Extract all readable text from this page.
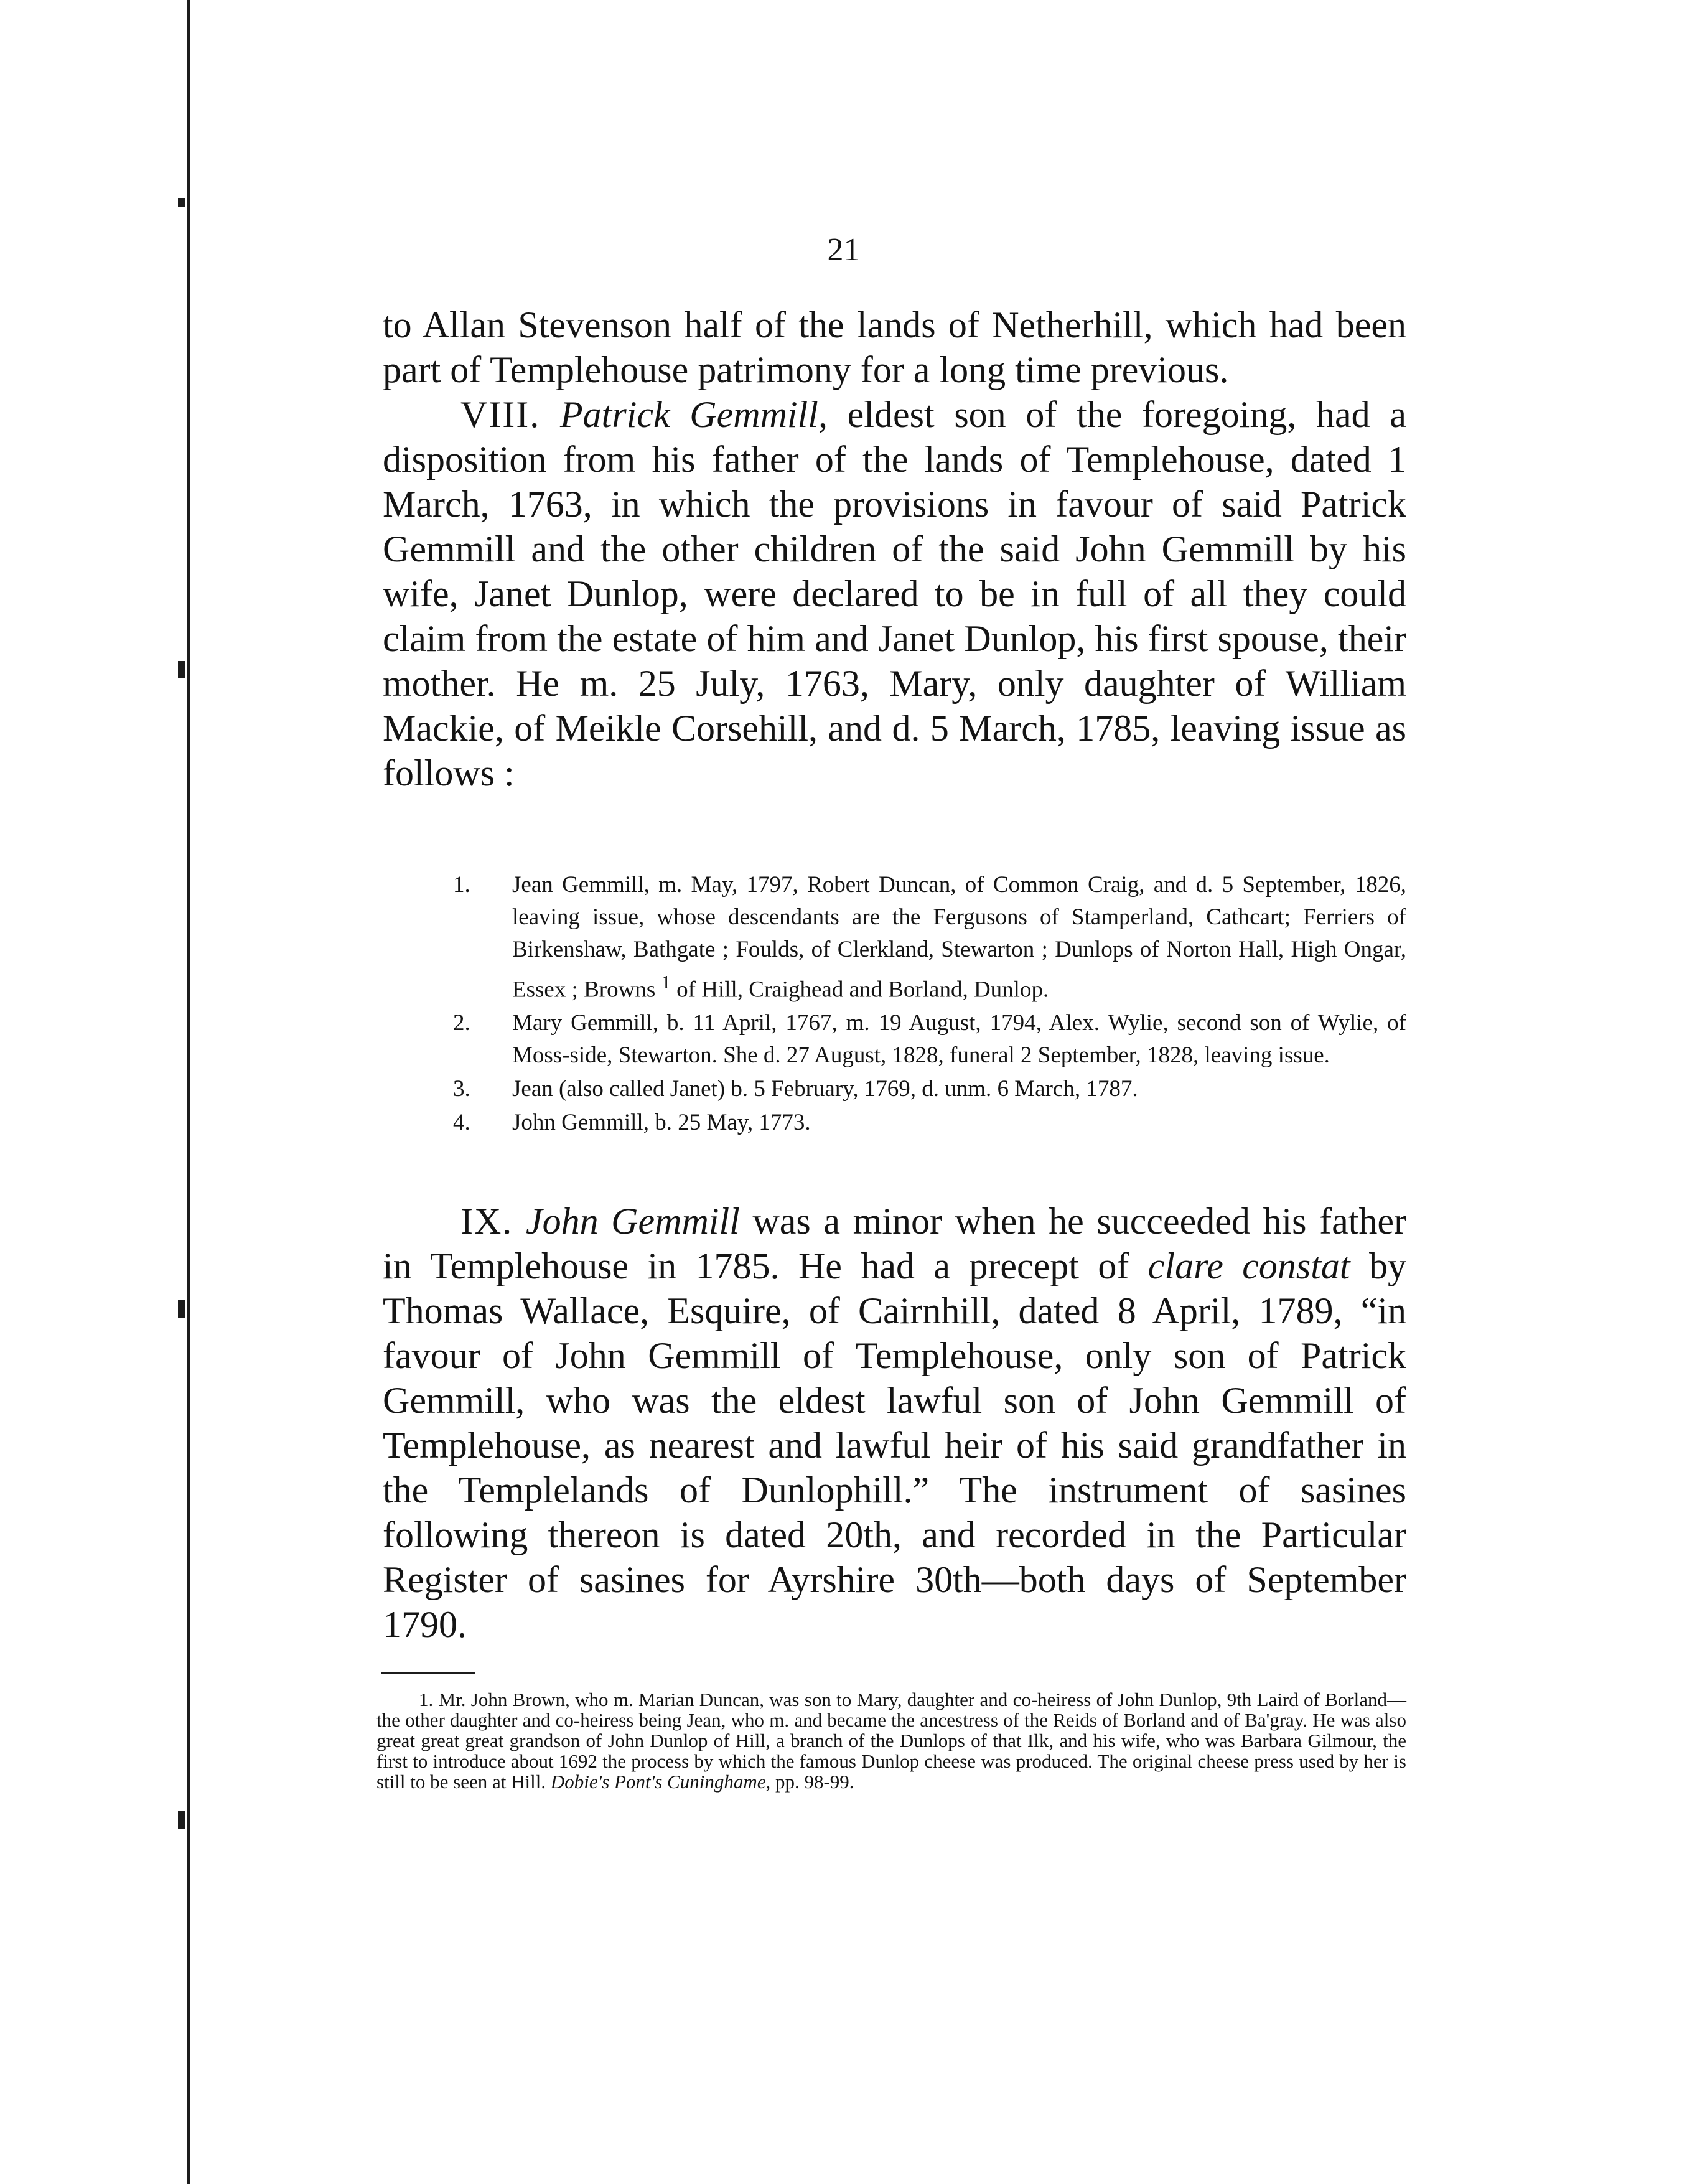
21

to Allan Stevenson half of the lands of Netherhill, which had been part of Templehouse patrimony for a long time previous.

VIII. Patrick Gemmill, eldest son of the foregoing, had a disposition from his father of the lands of Templehouse, dated 1 March, 1763, in which the provisions in favour of said Patrick Gemmill and the other children of the said John Gemmill by his wife, Janet Dunlop, were declared to be in full of all they could claim from the estate of him and Janet Dunlop, his first spouse, their mother. He m. 25 July, 1763, Mary, only daughter of William Mackie, of Meikle Corsehill, and d. 5 March, 1785, leaving issue as follows :

1. Jean Gemmill, m. May, 1797, Robert Duncan, of Common Craig, and d. 5 September, 1826, leaving issue, whose descendants are the Fergusons of Stamperland, Cathcart; Ferriers of Birkenshaw, Bathgate ; Foulds, of Clerkland, Stewarton ; Dunlops of Norton Hall, High Ongar, Essex ; Browns $^1$ of Hill, Craighead and Borland, Dunlop.
2. Mary Gemmill, b. 11 April, 1767, m. 19 August, 1794, Alex. Wylie, second son of Wylie, of Moss-side, Stewarton. She d. 27 August, 1828, funeral 2 September, 1828, leaving issue.
3. Jean (also called Janet) b. 5 February, 1769, d. unm. 6 March, 1787.
4. John Gemmill, b. 25 May, 1773.

IX. John Gemmill was a minor when he succeeded his father in Templehouse in 1785. He had a precept of clare constat by Thomas Wallace, Esquire, of Cairnhill, dated 8 April, 1789, “in favour of John Gemmill of Templehouse, only son of Patrick Gemmill, who was the eldest lawful son of John Gemmill of Templehouse, as nearest and lawful heir of his said grandfather in the Templelands of Dunlophill.” The instrument of sasines following thereon is dated 20th, and recorded in the Particular Register of sasines for Ayrshire 30th—both days of September 1790.

1. Mr. John Brown, who m. Marian Duncan, was son to Mary, daughter and co-heiress of John Dunlop, 9th Laird of Borland—the other daughter and co-heiress being Jean, who m. and became the ancestress of the Reids of Borland and of Ba'gray. He was also great great great grandson of John Dunlop of Hill, a branch of the Dunlops of that Ilk, and his wife, who was Barbara Gilmour, the first to introduce about 1692 the process by which the famous Dunlop cheese was produced. The original cheese press used by her is still to be seen at Hill. Dobie's Pont's Cuninghame, pp. 98-99.
